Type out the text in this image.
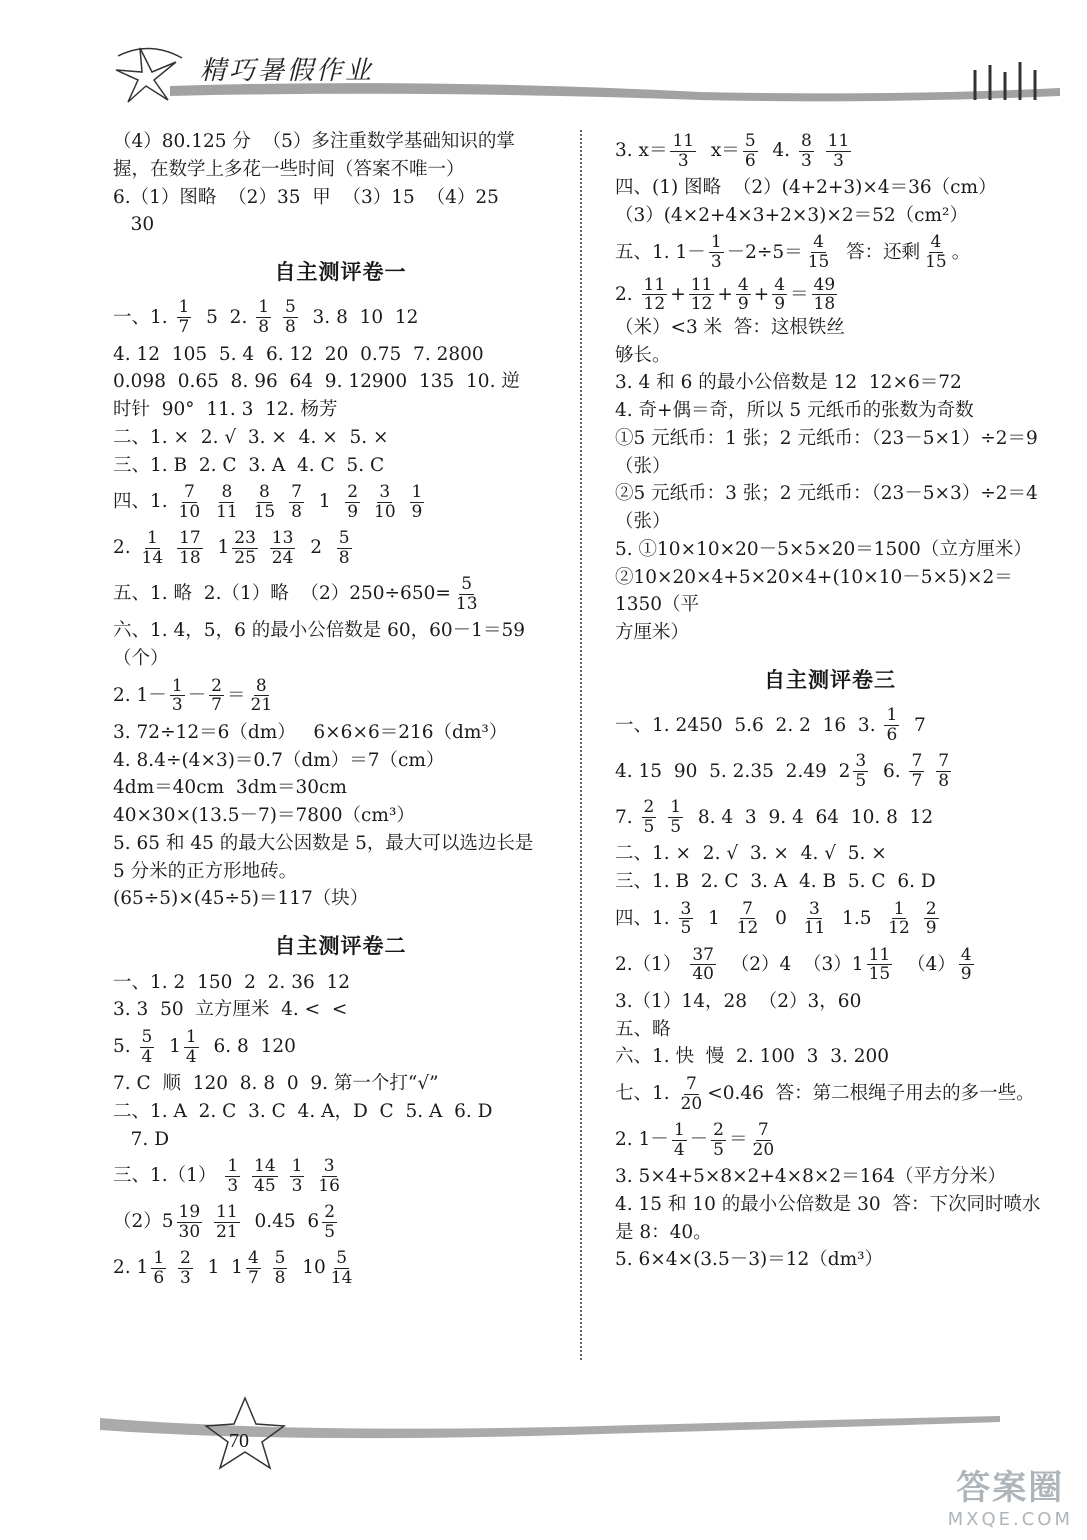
精巧暑假作业
（4）80.125 分  （5）多注重数学基础知识的掌
握，在数学上多花一些时间（答案不唯一）
6.（1）图略  （2）35  甲  （3）15  （4）25
30
自主测评卷一
一、1. $\frac{1}{7} 5$  2. $\frac{1}{8}$
$\frac{5}{8} 3$. 8  10  12
4. 12  105  5. 4  6. 12  20  0.75  7. 2800
0.098  0.65  8. 96  64  9. 12900  135  10. 逆
时针  90°  11. 3  12. 杨芳
二、1. ×  2. √  3. ×  4. ×  5. ×
三、1. B  2. C  3. A  4. C  5. C
四、1. $\frac{7}{10}$
$\frac{8}{11}$
$\frac{8}{15}$
$\frac{7}{8} 1 \frac{2}{9}$
$\frac{3}{10}$
$\frac{1}{9}$
2. $\frac{1}{14}$
$\frac{17}{18} 1 \frac{23}{25}$
$\frac{13}{24} 2 \frac{5}{8}$
五、1. 略  2.（1）略  $(2)250\div 650= \frac{5}{13}$
六、1. 4，5，6 的最小公倍数是 60，60－1＝59
（个）
2. $1- \frac{1}{3} - \frac{2}{7} = \frac{8}{21}$
3. 72÷12＝6（dm）   6×6×6＝216（dm³）
4. 8.4÷(4×3)＝0.7（dm）＝7（cm）
4dm＝40cm  3dm＝30cm
40×30×(13.5－7)＝7800（cm³）
5. 65 和 45 的最大公因数是 5，最大可以选边长是
5 分米的正方形地砖。
(65÷5)×(45÷5)＝117（块）
自主测评卷二
一、1. 2  150  2  2. 36  12
3. 3  50  立方厘米  4. <  <
5. $\frac{5}{4} 1 \frac{1}{4} 6$. 8  120
7. C  顺  120  8. 8  0  9. 第一个打“√”
二、1. A  2. C  3. C  4. A，D  C  5. A  6. D
7. D
三、$1.(1) \frac{1}{3}$
$\frac{14}{45}$
$\frac{1}{3}$
$\frac{3}{16}$
$(2)5 \frac{19}{30}$
$\frac{11}{21} 0.45$  $6 \frac{2}{5}$
2. $1 \frac{1}{6}$
$\frac{2}{3} 1$  $1 \frac{4}{7}$
$\frac{5}{8} 10 \frac{5}{14}$
3. $x= \frac{11}{3} x= \frac{5}{6} 4$. $\frac{8}{3}$
$\frac{11}{3}$
四、(1) 图略  （2）(4+2+3)×4＝36（cm）
（3）(4×2+4×3+2×3)×2＝52（cm²）
五、1. $1- \frac{1}{3} -2\div 5= \frac{4}{15}$ 答：还剩 $\frac{4}{15}$ 。
2. $\frac{11}{12} + \frac{11}{12} + \frac{4}{9} + \frac{4}{9} = \frac{49}{18}$
（米）<3 米  答：这根铁丝
够长。
3. 4 和 6 的最小公倍数是 12  12×6＝72
4. 奇+偶＝奇，所以 5 元纸币的张数为奇数
①5 元纸币：1 张；2 元纸币：（23－5×1）÷2＝9
（张）
②5 元纸币：3 张；2 元纸币：（23－5×3）÷2＝4
（张）
5. ①10×10×20－5×5×20＝1500（立方厘米）
②10×20×4+5×20×4+(10×10－5×5)×2＝1350（平
方厘米）
自主测评卷三
一、1. 2450  5.6  2. 2  16  3. $\frac{1}{6} 7$
4. 15  90  5. 2.35  2.49  $2 \frac{3}{5} 6$. $\frac{7}{7}$
$\frac{7}{8}$
7. $\frac{2}{5}$
$\frac{1}{5} 8$. 4  3  9. 4  64  10. 8  12
二、1. ×  2. √  3. ×  4. √  5. ×
三、1. B  2. C  3. A  4. B  5. C  6. D
四、1. $\frac{3}{5} 1 \frac{7}{12} 0 \frac{3}{11} 1.5 \frac{1}{12}$
$\frac{2}{9}$
$2.(1) \frac{37}{40} (2)4$  $(3)1 \frac{11}{15} (4) \frac{4}{9}$
3.（1）14，28  （2）3，60
五、略
六、1. 快  慢  2. 100  3  3. 200
七、1. $\frac{7}{20} <0.46$  答：第二根绳子用去的多一些。
2. $1- \frac{1}{4} - \frac{2}{5} = \frac{7}{20}$
3. 5×4+5×8×2+4×8×2＝164（平方分米）
4. 15 和 10 的最小公倍数是 30  答：下次同时喷水
是 8：40。
5. 6×4×(3.5－3)＝12（dm³）
70
答案圈
MXQE.COM
